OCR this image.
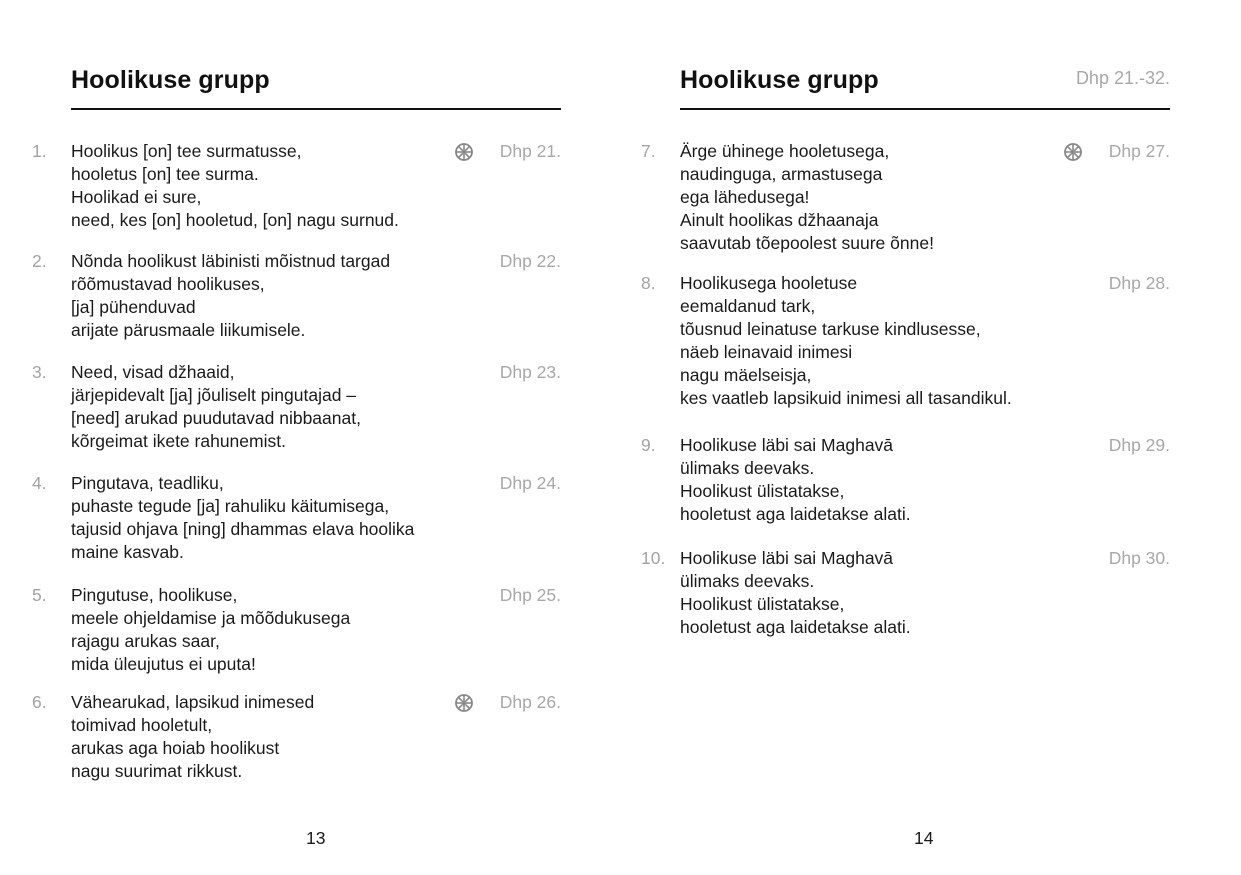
Hoolikuse grupp
1. Hoolikus [on] tee surmatusse,
hooletus [on] tee surma.
Hoolikad ei sure,
need, kes [on] hooletud, [on] nagu surnud.
Dhp 21.
2. Nõnda hoolikust läbinisti mõistnud targad
rõõmustavad hoolikuses,
[ja] pühenduvad
arijate pärusmaale liikumisele.
Dhp 22.
3. Need, visad džhaaid,
järjepidevalt [ja] jõuliselt pingutajad –
[need] arukad puudutavad nibbaanat,
kõrgeimat ikete rahunemist.
Dhp 23.
4. Pingutava, teadliku,
puhaste tegude [ja] rahuliku käitumisega,
tajusid ohjava [ning] dhammas elava hoolika
maine kasvab.
Dhp 24.
5. Pingutuse, hoolikuse,
meele ohjeldamise ja mõõdukusega
rajagu arukas saar,
mida üleujutus ei uputa!
Dhp 25.
6. Vähearukad, lapsikud inimesed
toimivad hooletult,
arukas aga hoiab hoolikust
nagu suurimat rikkust.
Dhp 26.
13
Hoolikuse grupp	Dhp 21.-32.
7. Ärge ühinege hooletusega,
naudinguga, armastusega
ega lähedusega!
Ainult hoolikas džhaanaja
saavutab tõepoolest suure õnne!
Dhp 27.
8. Hoolikusega hooletuse
eemaldanud tark,
tõusnud leinatuse tarkuse kindlusesse,
näeb leinavaid inimesi
nagu mäelseisja,
kes vaatleb lapsikuid inimesi all tasandikul.
Dhp 28.
9. Hoolikuse läbi sai Maghavā
ülimaks deevaks.
Hoolikust ülistatakse,
hooletust aga laidetakse alati.
Dhp 29.
10. Hoolikuse läbi sai Maghavā
ülimaks deevaks.
Hoolikust ülistatakse,
hooletust aga laidetakse alati.
Dhp 30.
14
